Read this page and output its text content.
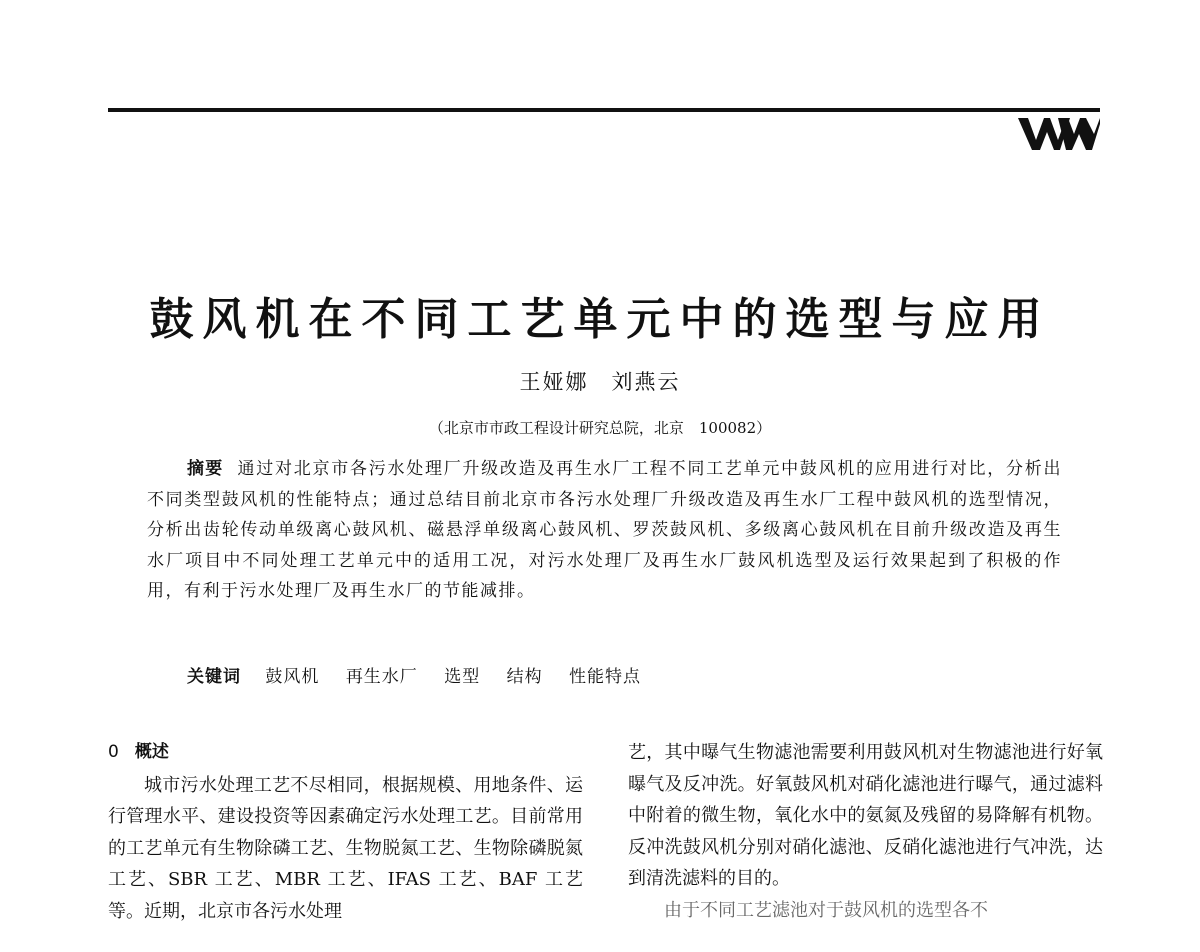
WATER & WASTEWATER ENGINEERING
鼓风机在不同工艺单元中的选型与应用
王娅娜　刘燕云
（北京市市政工程设计研究总院，北京　100082）
摘要 通过对北京市各污水处理厂升级改造及再生水厂工程不同工艺单元中鼓风机的应用进行对比，分析出不同类型鼓风机的性能特点；通过总结目前北京市各污水处理厂升级改造及再生水厂工程中鼓风机的选型情况，分析出齿轮传动单级离心鼓风机、磁悬浮单级离心鼓风机、罗茨鼓风机、多级离心鼓风机在目前升级改造及再生水厂项目中不同处理工艺单元中的适用工况，对污水处理厂及再生水厂鼓风机选型及运行效果起到了积极的作用，有利于污水处理厂及再生水厂的节能减排。
关键词 鼓风机 再生水厂 选型 结构 性能特点
0 概述
城市污水处理工艺不尽相同，根据规模、用地条件、运行管理水平、建设投资等因素确定污水处理工艺。目前常用的工艺单元有生物除磷工艺、生物脱氮工艺、生物除磷脱氮工艺、SBR 工艺、MBR 工艺、IFAS 工艺、BAF 工艺等。近期，北京市各污水处理
艺，其中曝气生物滤池需要利用鼓风机对生物滤池进行好氧曝气及反冲洗。好氧鼓风机对硝化滤池进行曝气，通过滤料中附着的微生物，氧化水中的氨氮及残留的易降解有机物。反冲洗鼓风机分别对硝化滤池、反硝化滤池进行气冲洗，达到清洗滤料的目的。
　　由于不同工艺滤池对于鼓风机的选型各不
